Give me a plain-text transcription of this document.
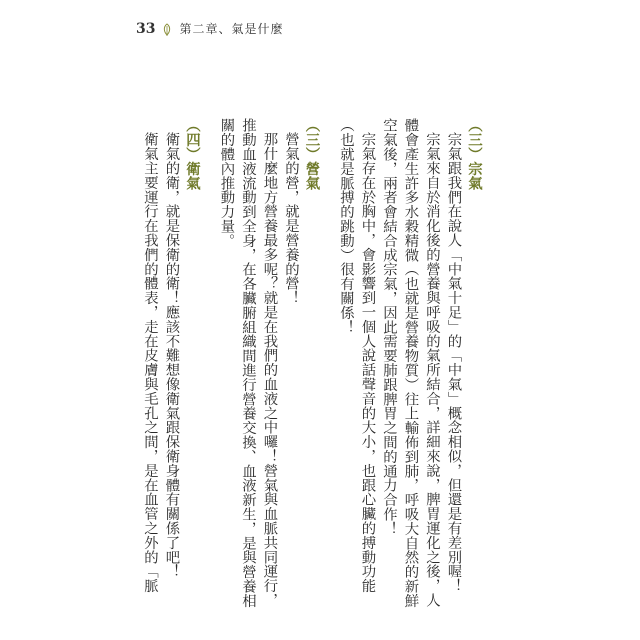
33 第二章、氣是什麼

（三）宗氣

宗氣跟我們在說人「中氣十足」的「中氣」概念相似，但還是有差別喔！

宗氣來自於消化後的營養與呼吸的氣所結合，詳細來說，脾胃運化之後，人體會產生許多水穀精微（也就是營養物質）往上輸佈到肺，呼吸大自然的新鮮空氣後，兩者會結合成宗氣，因此需要肺跟脾胃之間的通力合作！

宗氣存在於胸中，會影響到一個人說話聲音的大小，也跟心臟的搏動功能（也就是脈搏的跳動）很有關係！

（三）營氣

營氣的營，就是營養的營！

那什麼地方營養最多呢？就是在我們的血液之中囉！營氣與血脈共同運行，推動血液流動到全身，在各臟腑組織間進行營養交換、血液新生，是與營養相關的體內推動力量。

（四）衛氣

衛氣的衛，就是保衛的衛！應該不難想像衛氣跟保衛身體有關係了吧！

衛氣主要運行在我們的體表，走在皮膚與毛孔之間，是在血管之外的「脈
